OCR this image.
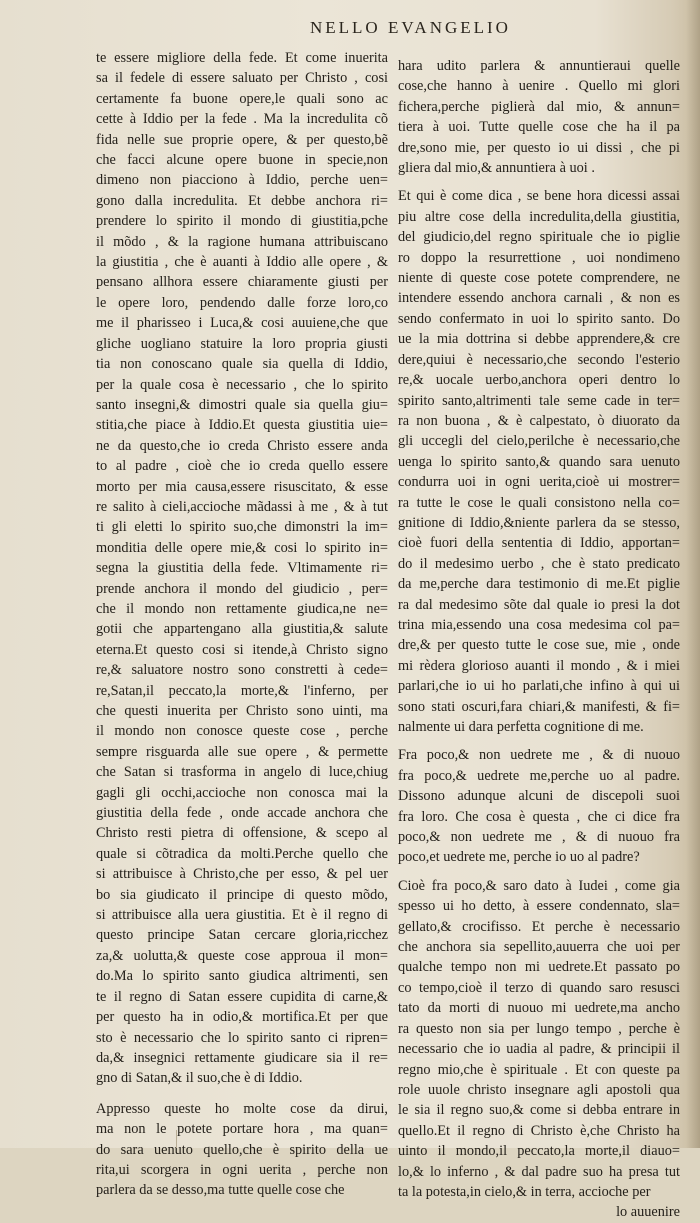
NELLO EVANGELIO
te essere migliore della fede. Et come inuerita
sa il fedele di essere saluato per Christo , cosi
certamente fa buone opere,le quali sono ac
cette à Iddio per la fede . Ma la incredulita cõ
fida nelle sue proprie opere, & per questo,bẽ
che facci alcune opere buone in specie,non
dimeno non piacciono à Iddio, perche uen=
gono dalla incredulita. Et debbe anchora ri=
prendere lo spirito il mondo di giustitia,pche
il mõdo , & la ragione humana attribuiscano
la giustitia , che è auanti à Iddio alle opere , &
pensano allhora essere chiaramente giusti per
le opere loro, pendendo dalle forze loro,co
me il pharisseo i Luca,& cosi auuiene,che que
gliche uogliano statuire la loro propria giusti
tia non conoscano quale sia quella di Iddio,
per la quale cosa è necessario , che lo spirito
santo insegni,& dimostri quale sia quella giu=
stitia,che piace à Iddio.Et questa giustitia uie=
ne da questo,che io creda Christo essere anda
to al padre , cioè che io creda quello essere
morto per mia causa,essere risuscitato, & esse
re salito à cieli,accioche mãdassi à me , & à tut
ti gli eletti lo spirito suo,che dimonstri la im=
monditia delle opere mie,& cosi lo spirito in=
segna la giustitia della fede. Vltimamente ri=
prende anchora il mondo del giudicio , per=
che il mondo non rettamente giudica,ne ne=
gotii che appartengano alla giustitia,& salute
eterna.Et questo cosi si itende,à Christo signo
re,& saluatore nostro sono constretti à cede=
re,Satan,il peccato,la morte,& l'inferno, per
che questi inuerita per Christo sono uinti, ma
il mondo non conosce queste cose , perche
sempre risguarda alle sue opere , & permette
che Satan si trasforma in angelo di luce,chiug
gagli gli occhi,accioche non conosca mai la
giustitia della fede , onde accade anchora che
Christo resti pietra di offensione, & scepo al
quale si cõtradica da molti.Perche quello che
si attribuisce à Christo,che per esso, & pel uer
bo sia giudicato il principe di questo mõdo,
si attribuisce alla uera giustitia. Et è il regno di
questo principe Satan cercare gloria,ricchez
za,& uolutta,& queste cose approua il mon=
do.Ma lo spirito santo giudica altrimenti, sen
te il regno di Satan essere cupidita di carne,&
per questo ha in odio,& mortifica.Et per que
sto è necessario che lo spirito santo ci ripren=
da,& insegnici rettamente giudicare sia il re=
gno di Satan,& il suo,che è di Iddio.
Appresso queste ho molte cose da dirui,
ma non le potete portare hora , ma quan=
do sara uenuto quello,che è spirito della ue
rita,ui scorgera in ogni uerita , perche non
parlera da se desso,ma tutte quelle cose che
hara udito parlera & annuntieraui quelle
cose,che hanno à uenire . Quello mi glori
fichera,perche piglierà dal mio, & annun=
tiera à uoi. Tutte quelle cose che ha il pa
dre,sono mie, per questo io ui dissi , che pi
gliera dal mio,& annuntiera à uoi .
Et qui è come dica , se bene hora dicessi assai
piu altre cose della incredulita,della giustitia,
del giudicio,del regno spirituale che io piglie
ro doppo la resurrettione , uoi nondimeno
niente di queste cose potete comprendere, ne
intendere essendo anchora carnali , & non es
sendo confermato in uoi lo spirito santo. Do
ue la mia dottrina si debbe apprendere,& cre
dere,quiui è necessario,che secondo l'esterio
re,& uocale uerbo,anchora operi dentro lo
spirito santo,altrimenti tale seme cade in ter=
ra non buona , & è calpestato, ò diuorato da
gli uccegli del cielo,perilche è necessario,che
uenga lo spirito santo,& quando sara uenuto
condurra uoi in ogni uerita,cioè ui mostrer=
ra tutte le cose le quali consistono nella co=
gnitione di Iddio,&niente parlera da se stesso,
cioè fuori della sententia di Iddio, apportan=
do il medesimo uerbo , che è stato predicato
da me,perche dara testimonio di me.Et piglie
ra dal medesimo sõte dal quale io presi la dot
trina mia,essendo una cosa medesima col pa=
dre,& per questo tutte le cose sue, mie , onde
mi rèdera glorioso auanti il mondo , & i miei
parlari,che io ui ho parlati,che infino à qui ui
sono stati oscuri,fara chiari,& manifesti, & fi=
nalmente ui dara perfetta cognitione di me.
Fra poco,& non uedrete me , & di nuouo
fra poco,& uedrete me,perche uo al padre.
Dissono adunque alcuni de discepoli suoi
fra loro. Che cosa è questa , che ci dice fra
poco,& non uedrete me , & di nuouo fra
poco,et uedrete me, perche io uo al padre?
Cioè fra poco,& saro dato à Iudei , come gia
spesso ui ho detto, à essere condennato, sla=
gellato,& crocifisso. Et perche è necessario
che anchora sia sepellito,auuerra che uoi per
qualche tempo non mi uedrete.Et passato po
co tempo,cioè il terzo di quando saro resusci
tato da morti di nuouo mi uedrete,ma ancho
ra questo non sia per lungo tempo , perche è
necessario che io uadia al padre, & principii il
regno mio,che è spirituale . Et con queste pa
role uuole christo insegnare agli apostoli qua
le sia il regno suo,& come si debba entrare in
quello.Et il regno di Christo è,che Christo ha
uinto il mondo,il peccato,la morte,il diauo=
lo,& lo inferno , & dal padre suo ha presa tut
ta la potesta,in cielo,& in terra, accioche per
lo auuenire
